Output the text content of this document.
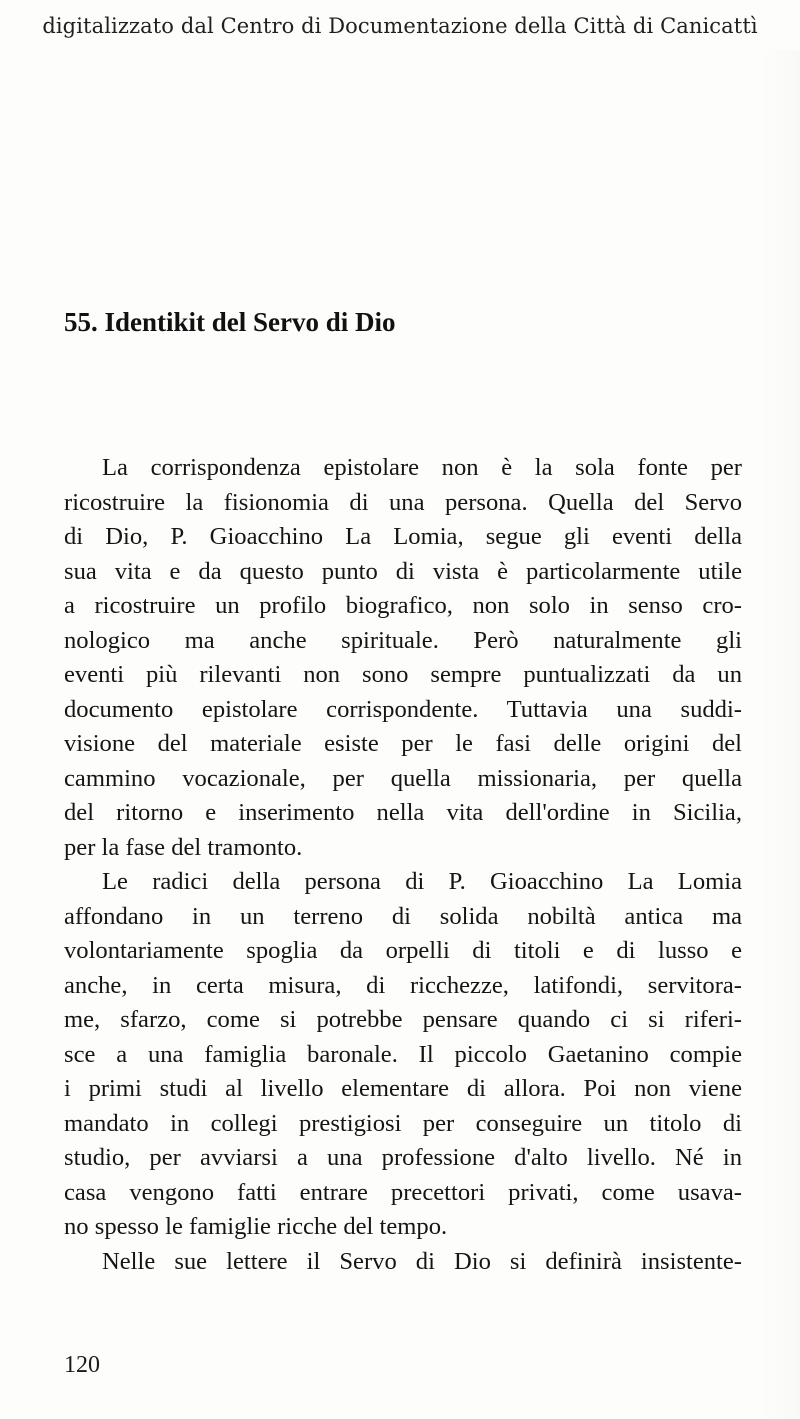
digitalizzato dal Centro di Documentazione della Città di Canicattì
55. Identikit del Servo di Dio
La corrispondenza epistolare non è la sola fonte per
ricostruire la fisionomia di una persona. Quella del Servo
di Dio, P. Gioacchino La Lomia, segue gli eventi della
sua vita e da questo punto di vista è particolarmente utile
a ricostruire un profilo biografico, non solo in senso cro-
nologico ma anche spirituale. Però naturalmente gli
eventi più rilevanti non sono sempre puntualizzati da un
documento epistolare corrispondente. Tuttavia una suddi-
visione del materiale esiste per le fasi delle origini del
cammino vocazionale, per quella missionaria, per quella
del ritorno e inserimento nella vita dell'ordine in Sicilia,
per la fase del tramonto.
Le radici della persona di P. Gioacchino La Lomia
affondano in un terreno di solida nobiltà antica ma
volontariamente spoglia da orpelli di titoli e di lusso e
anche, in certa misura, di ricchezze, latifondi, servitora-
me, sfarzo, come si potrebbe pensare quando ci si riferi-
sce a una famiglia baronale. Il piccolo Gaetanino compie
i primi studi al livello elementare di allora. Poi non viene
mandato in collegi prestigiosi per conseguire un titolo di
studio, per avviarsi a una professione d'alto livello. Né in
casa vengono fatti entrare precettori privati, come usava-
no spesso le famiglie ricche del tempo.
Nelle sue lettere il Servo di Dio si definirà insistente-
120
